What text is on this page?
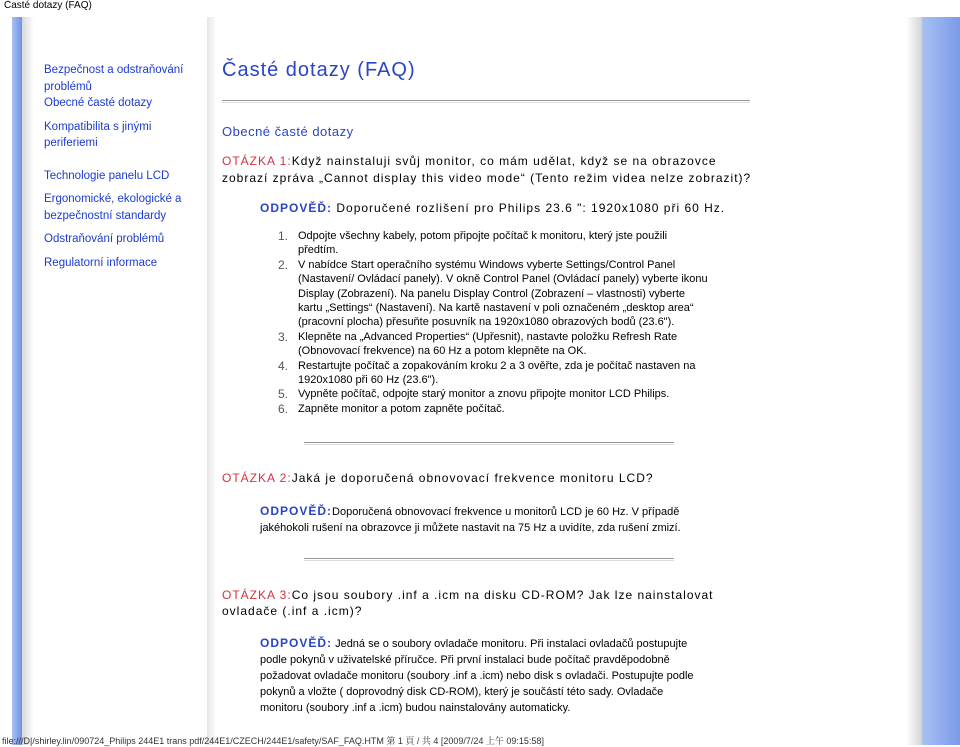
Časté dotazy (FAQ)
Bezpečnost a odstraňování problémů
Obecné časté dotazy
Kompatibilita s jinými periferiemi
Technologie panelu LCD
Ergonomické, ekologické a bezpečnostní standardy
Odstraňování problémů
Regulatorní informace
Časté dotazy (FAQ)
Obecné časté dotazy
OTÁZKA 1:Když nainstaluji svůj monitor, co mám udělat, když se na obrazovce zobrazí zpráva „Cannot display this video mode“ (Tento režim videa nelze zobrazit)?
ODPOVĚĎ: Doporučené rozlišení pro Philips 23.6 ": 1920x1080 při 60 Hz.
1. Odpojte všechny kabely, potom připojte počítač k monitoru, který jste použili předtím.
2. V nabídce Start operačního systému Windows vyberte Settings/Control Panel (Nastavení/ Ovládací panely). V okně Control Panel (Ovládací panely) vyberte ikonu Display (Zobrazení). Na panelu Display Control (Zobrazení – vlastnosti) vyberte kartu „Settings“ (Nastavení). Na kartě nastavení v poli označeném „desktop area“ (pracovní plocha) přesuňte posuvník na 1920x1080 obrazových bodů (23.6").
3. Klepněte na „Advanced Properties“ (Upřesnit), nastavte položku Refresh Rate (Obnovovací frekvence) na 60 Hz a potom klepněte na OK.
4. Restartujte počítač a zopakováním kroku 2 a 3 ověřte, zda je počítač nastaven na 1920x1080 při 60 Hz (23.6").
5. Vypněte počítač, odpojte starý monitor a znovu připojte monitor LCD Philips.
6. Zapněte monitor a potom zapněte počítač.
OTÁZKA 2:Jaká je doporučená obnovovací frekvence monitoru LCD?
ODPOVĚĎ:Doporučená obnovovací frekvence u monitorů LCD je 60 Hz. V případě jakéhokoli rušení na obrazovce ji můžete nastavit na 75 Hz a uvidíte, zda rušení zmizí.
OTÁZKA 3:Co jsou soubory .inf a .icm na disku CD-ROM? Jak lze nainstalovat ovladače (.inf a .icm)?
ODPOVĚĎ: Jedná se o soubory ovladače monitoru. Při instalaci ovladačů postupujte podle pokynů v uživatelské příručce. Při první instalaci bude počítač pravděpodobně požadovat ovladače monitoru (soubory .inf a .icm) nebo disk s ovladači. Postupujte podle pokynů a vložte ( doprovodný disk CD-ROM), který je součástí této sady. Ovladače monitoru (soubory .inf a .icm) budou nainstalovány automaticky.
file:///D|/shirley.lin/090724_Philips 244E1 trans pdf/244E1/CZECH/244E1/safety/SAF_FAQ.HTM 第 1 頁 / 共 4 [2009/7/24 上午 09:15:58]
